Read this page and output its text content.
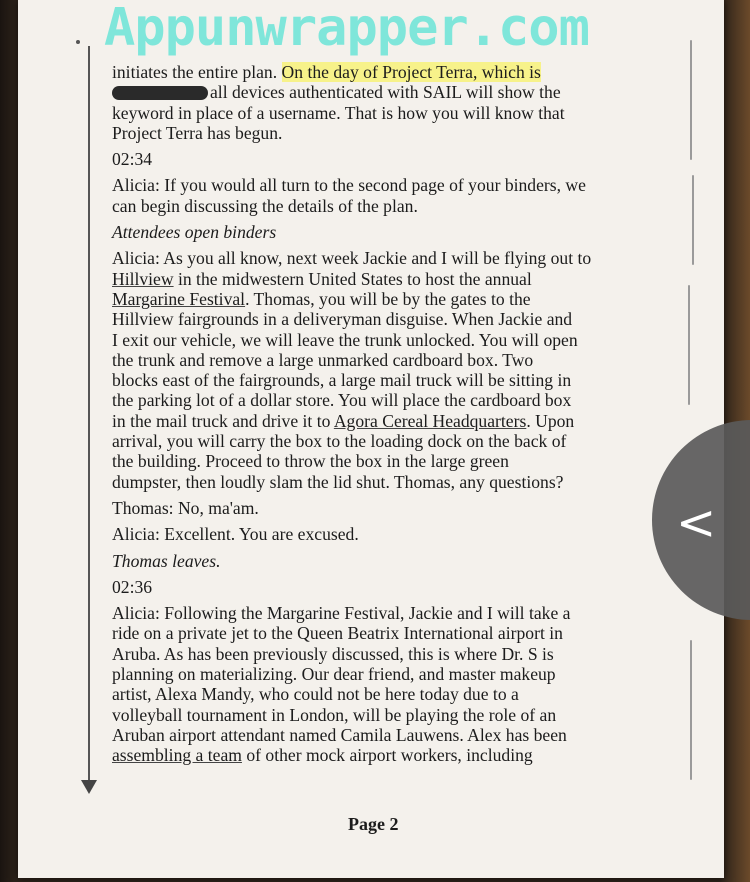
Appunwrapper.com

initiates the entire plan. On the day of Project Terra, which is

all devices authenticated with SAIL will show the

keyword in place of a username. That is how you will know that

Project Terra has begun.

02:34

Alicia: If you would all turn to the second page of your binders, we

can begin discussing the details of the plan.

Attendees open binders

Alicia: As you all know, next week Jackie and I will be flying out to

Hillview in the midwestern United States to host the annual

Margarine Festival. Thomas, you will be by the gates to the

Hillview fairgrounds in a deliveryman disguise. When Jackie and

I exit our vehicle, we will leave the trunk unlocked. You will open

the trunk and remove a large unmarked cardboard box. Two

blocks east of the fairgrounds, a large mail truck will be sitting in

the parking lot of a dollar store. You will place the cardboard box

in the mail truck and drive it to Agora Cereal Headquarters. Upon

arrival, you will carry the box to the loading dock on the back of

the building. Proceed to throw the box in the large green

dumpster, then loudly slam the lid shut. Thomas, any questions?

Thomas: No, ma'am.

Alicia: Excellent. You are excused.

Thomas leaves.

02:36

Alicia: Following the Margarine Festival, Jackie and I will take a

ride on a private jet to the Queen Beatrix International airport in

Aruba. As has been previously discussed, this is where Dr. S is

planning on materializing. Our dear friend, and master makeup

artist, Alexa Mandy, who could not be here today due to a

volleyball tournament in London, will be playing the role of an

Aruban airport attendant named Camila Lauwens. Alex has been

assembling a team of other mock airport workers, including

Page 2
<
